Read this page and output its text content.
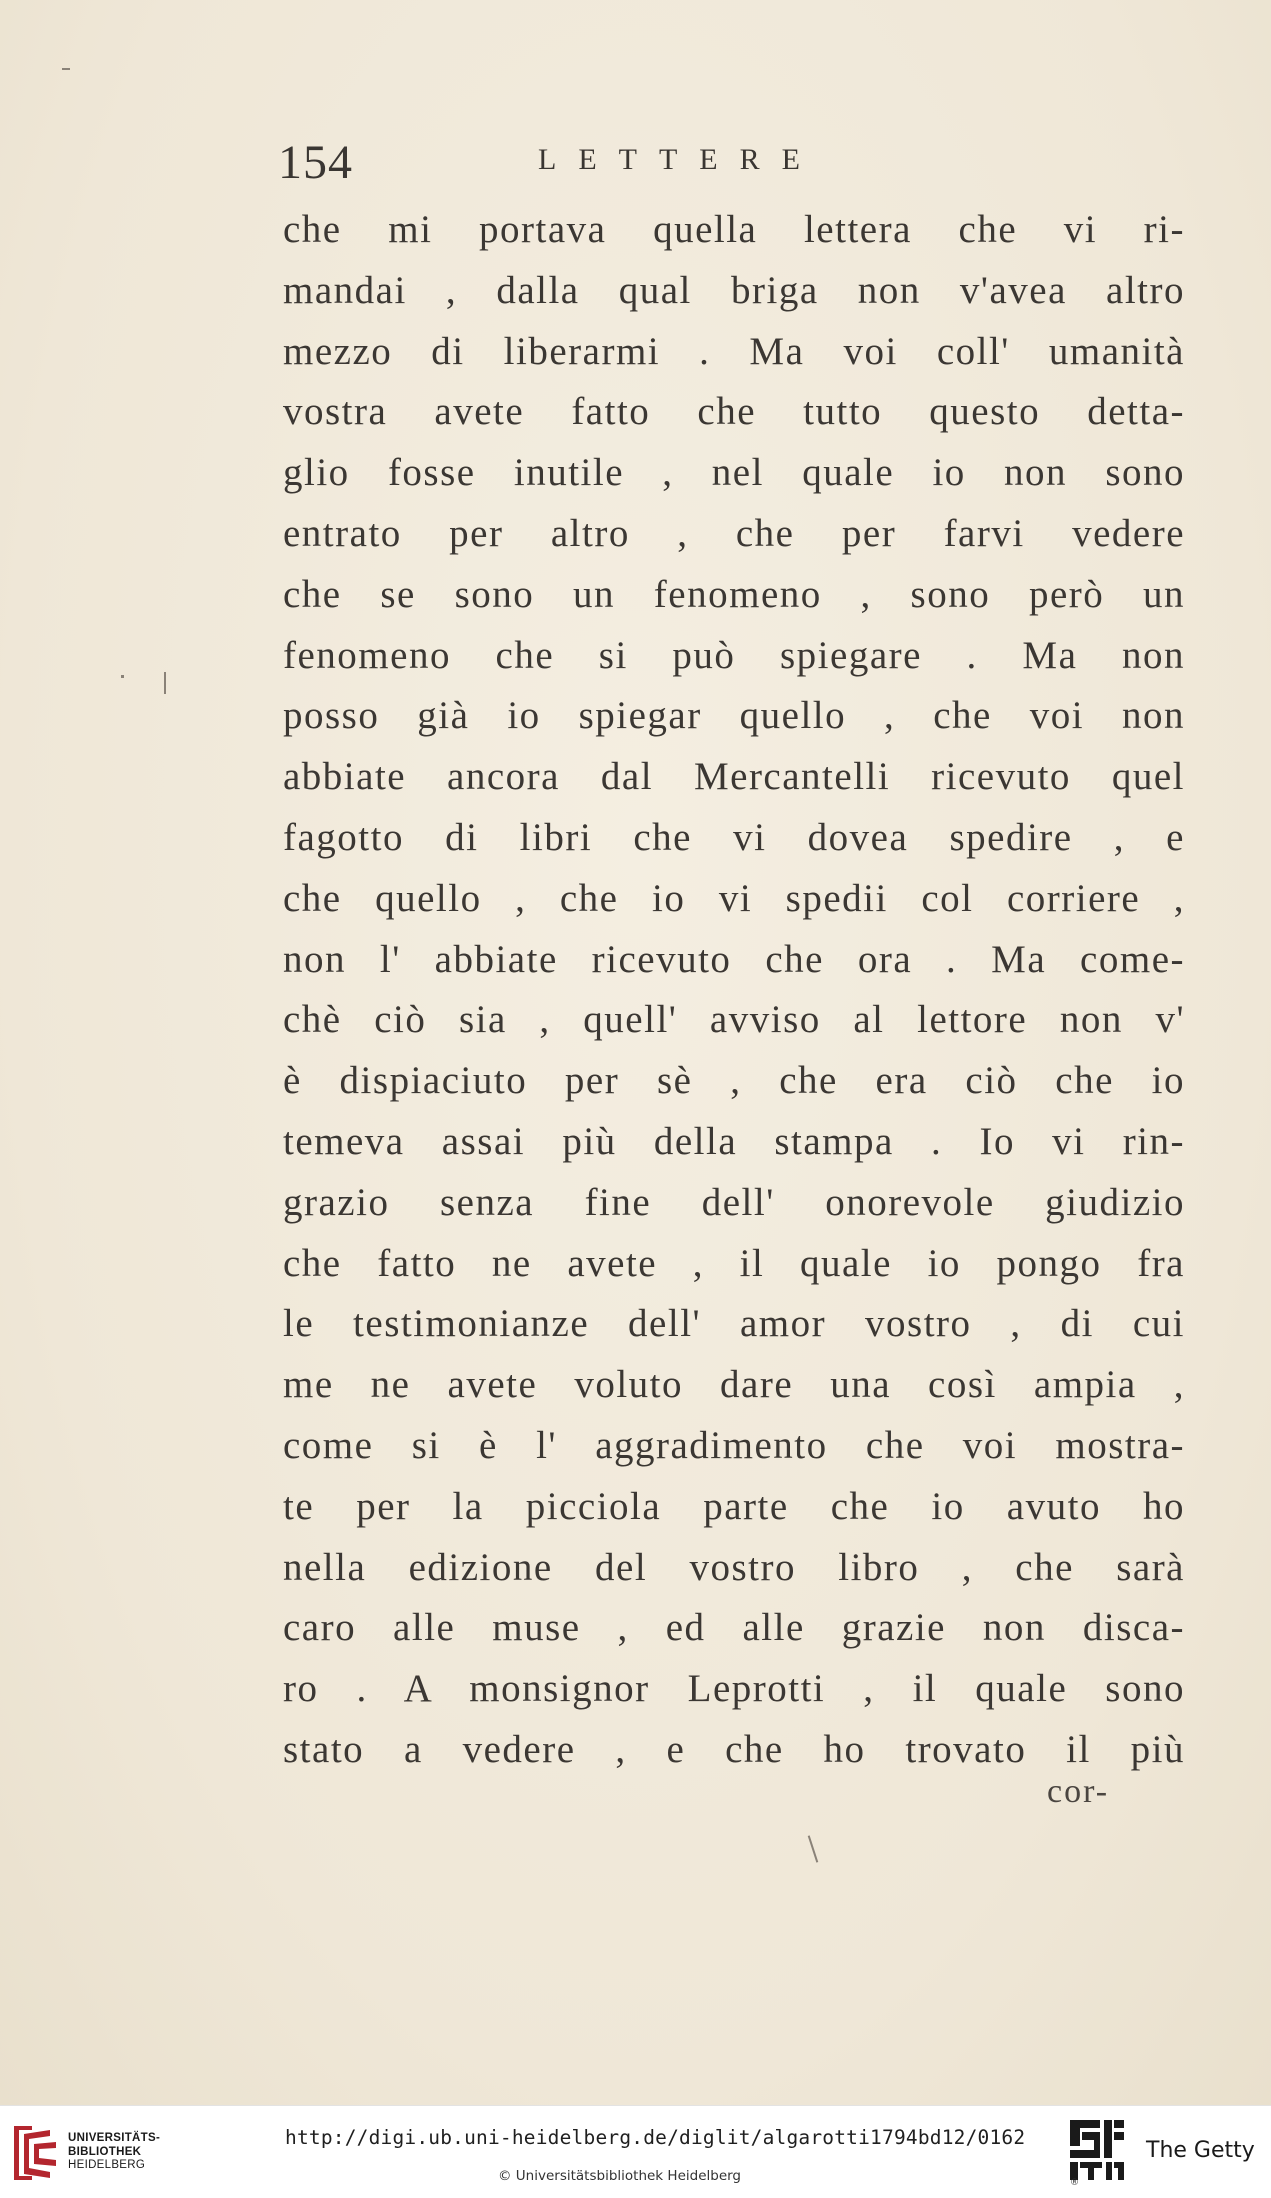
154	LETTERE
che mi portava quella lettera che vi ri-
mandai , dalla qual briga non v'avea altro
mezzo di liberarmi . Ma voi coll' umanità
vostra avete fatto che tutto questo detta-
glio fosse inutile , nel quale io non sono
entrato per altro , che per farvi vedere
che se sono un fenomeno , sono però un
fenomeno che si può spiegare . Ma non
posso già io spiegar quello , che voi non
abbiate ancora dal Mercantelli ricevuto quel
fagotto di libri che vi dovea spedire , e
che quello , che io vi spedii col corriere ,
non l' abbiate ricevuto che ora . Ma come-
chè ciò sia , quell' avviso al lettore non v'
è dispiaciuto per sè , che era ciò che io
temeva assai più della stampa . Io vi rin-
grazio senza fine dell' onorevole giudizio
che fatto ne avete , il quale io pongo fra
le testimonianze dell' amor vostro , di cui
me ne avete voluto dare una così ampia ,
come si è l' aggradimento che voi mostra-
te per la picciola parte che io avuto ho
nella edizione del vostro libro , che sarà
caro alle muse , ed alle grazie non disca-
ro . A monsignor Leprotti , il quale sono
stato a vedere , e che ho trovato il più
cor-
UNIVERSITÄTS-
BIBLIOTHEK
HEIDELBERG
http://digi.ub.uni-heidelberg.de/diglit/algarotti1794bd12/0162
© Universitätsbibliothek Heidelberg	®
The Getty
